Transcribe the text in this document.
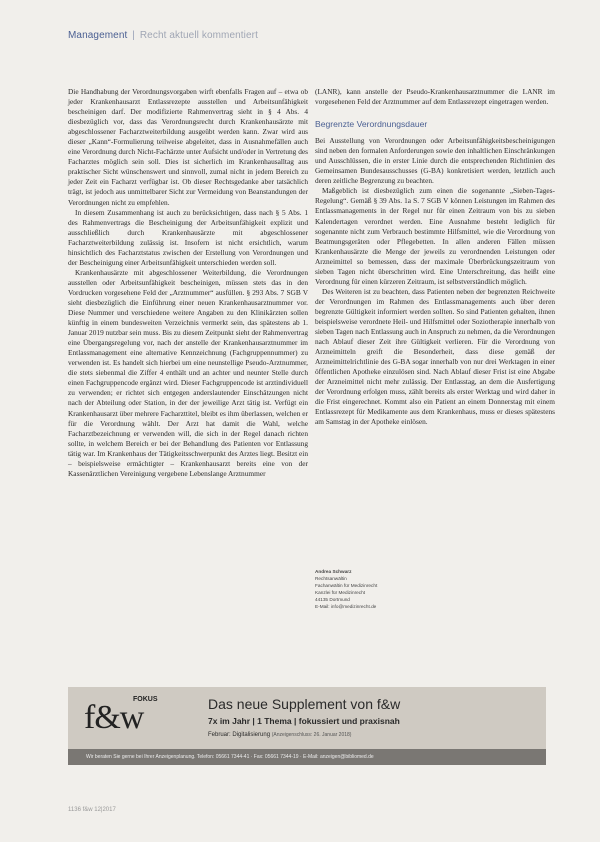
Management | Recht aktuell kommentiert

Die Handhabung der Verordnungsvorgaben wirft ebenfalls Fragen auf – etwa ob jeder Krankenhausarzt Entlassrezepte ausstellen und Arbeitsunfähigkeit bescheinigen darf. Der modifizierte Rahmenvertrag sieht in § 4 Abs. 4 diesbezüglich vor, dass das Verordnungsrecht durch Krankenhausärzte mit abgeschlossener Facharztweiterbildung ausgeübt werden kann. Zwar wird aus dieser „Kann“-Formulierung teilweise abgeleitet, dass in Ausnahmefällen auch eine Verordnung durch Nicht-Fachärzte unter Aufsicht und/oder in Vertretung des Facharztes möglich sein soll. Dies ist sicherlich im Krankenhausalltag aus praktischer Sicht wünschenswert und sinnvoll, zumal nicht in jedem Bereich zu jeder Zeit ein Facharzt verfügbar ist. Ob dieser Rechtsgedanke aber tatsächlich trägt, ist jedoch aus unmittelbarer Sicht zur Vermeidung von Beanstandungen der Verordnungen nicht zu empfehlen.

In diesem Zusammenhang ist auch zu berücksichtigen, dass nach § 5 Abs. 1 des Rahmenvertrags die Bescheinigung der Arbeitsunfähigkeit explizit und ausschließlich durch Krankenhausärzte mit abgeschlossener Facharztweiterbildung zulässig ist. Insofern ist nicht ersichtlich, warum hinsichtlich des Facharztstatus zwischen der Erstellung von Verordnungen und der Bescheinigung einer Arbeitsunfähigkeit unterschieden werden soll.

Krankenhausärzte mit abgeschlossener Weiterbildung, die Verordnungen ausstellen oder Arbeitsunfähigkeit bescheinigen, müssen stets das in den Vordrucken vorgesehene Feld der „Arztnummer“ ausfüllen. § 293 Abs. 7 SGB V sieht diesbezüglich die Einführung einer neuen Krankenhausarztnummer vor. Diese Nummer und verschiedene weitere Angaben zu den Klinikärzten sollen künftig in einem bundesweiten Verzeichnis vermerkt sein, das spätestens ab 1. Januar 2019 nutzbar sein muss. Bis zu diesem Zeitpunkt sieht der Rahmenvertrag eine Übergangsregelung vor, nach der anstelle der Krankenhausarztnummer im Entlassmanagement eine alternative Kennzeichnung (Fachgruppennummer) zu verwenden ist. Es handelt sich hierbei um eine neunstellige Pseudo-Arztnummer, die stets siebenmal die Ziffer 4 enthält und an achter und neunter Stelle durch einen Fachgruppencode ergänzt wird. Dieser Fachgruppencode ist arztindividuell zu verwenden; er richtet sich entgegen anderslautender Einschätzungen nicht nach der Abteilung oder Station, in der der jeweilige Arzt tätig ist. Verfügt ein Krankenhausarzt über mehrere Facharzttitel, bleibt es ihm überlassen, welchen er für die Verordnung wählt. Der Arzt hat damit die Wahl, welche Facharztbezeichnung er verwenden will, die sich in der Regel danach richten sollte, in welchem Bereich er bei der Behandlung des Patienten vor Entlassung tätig war. Im Krankenhaus der Tätigkeitsschwerpunkt des Arztes liegt. Besitzt ein – beispielsweise ermächtigter – Krankenhausarzt bereits eine von der Kassenärztlichen Vereinigung vergebene Lebenslange Arztnummer

(LANR), kann anstelle der Pseudo-Krankenhausarztnummer die LANR im vorgesehenen Feld der Arztnummer auf dem Entlassrezept eingetragen werden.

Begrenzte Verordnungsdauer

Bei Ausstellung von Verordnungen oder Arbeitsunfähigkeitsbescheinigungen sind neben den formalen Anforderungen sowie den inhaltlichen Einschränkungen und Ausschlüssen, die in erster Linie durch die entsprechenden Richtlinien des Gemeinsamen Bundesausschusses (G-BA) konkretisiert werden, letztlich auch deren zeitliche Begrenzung zu beachten.

Maßgeblich ist diesbezüglich zum einen die sogenannte „Sieben-Tages-Regelung“. Gemäß § 39 Abs. 1a S. 7 SGB V können Leistungen im Rahmen des Entlassmanagements in der Regel nur für einen Zeitraum von bis zu sieben Kalendertagen verordnet werden. Eine Ausnahme besteht lediglich für sogenannte nicht zum Verbrauch bestimmte Hilfsmittel, wie die Verordnung von Beatmungsgeräten oder Pflegebetten. In allen anderen Fällen müssen Krankenhausärzte die Menge der jeweils zu verordnenden Leistungen oder Arzneimittel so bemessen, dass der maximale Überbrückungszeitraum von sieben Tagen nicht überschritten wird. Eine Unterschreitung, das heißt eine Verordnung für einen kürzeren Zeitraum, ist selbstverständlich möglich.

Des Weiteren ist zu beachten, dass Patienten neben der begrenzten Reichweite der Verordnungen im Rahmen des Entlassmanagements auch über deren begrenzte Gültigkeit informiert werden sollten. So sind Patienten gehalten, ihnen beispielsweise verordnete Heil- und Hilfsmittel oder Soziotherapie innerhalb von sieben Tagen nach Entlassung auch in Anspruch zu nehmen, da die Verordnungen nach Ablauf dieser Zeit ihre Gültigkeit verlieren. Für die Verordnung von Arzneimitteln greift die Besonderheit, dass diese gemäß der Arzneimittelrichtlinie des G-BA sogar innerhalb von nur drei Werktagen in einer öffentlichen Apotheke einzulösen sind. Nach Ablauf dieser Frist ist eine Abgabe der Arzneimittel nicht mehr zulässig. Der Entlasstag, an dem die Ausfertigung der Verordnung erfolgen muss, zählt bereits als erster Werktag und wird daher in die Frist eingerechnet. Kommt also ein Patient an einem Donnerstag mit einem Entlassrezept für Medikamente aus dem Krankenhaus, muss er dieses spätestens am Samstag in der Apotheke einlösen.

Andrea Schwarz
Rechtsanwältin
Fachanwältin für Medizinrecht
Kanzlei für Medizinrecht
44135 Dortmund
E-Mail: info@medizinrecht.de
f&w
FOKUS	Das neue Supplement von f&w
7x im Jahr | 1 Thema | fokussiert und praxisnah
Februar: Digitalisierung (Anzeigenschluss: 26. Januar 2018)
Wir beraten Sie gerne bei Ihrer Anzeigenplanung. Telefon: 05661 7344-41 · Fax: 05661 7344-19 · E-Mail: anzeigen@bibliomed.de
1136 f&w 12|2017
